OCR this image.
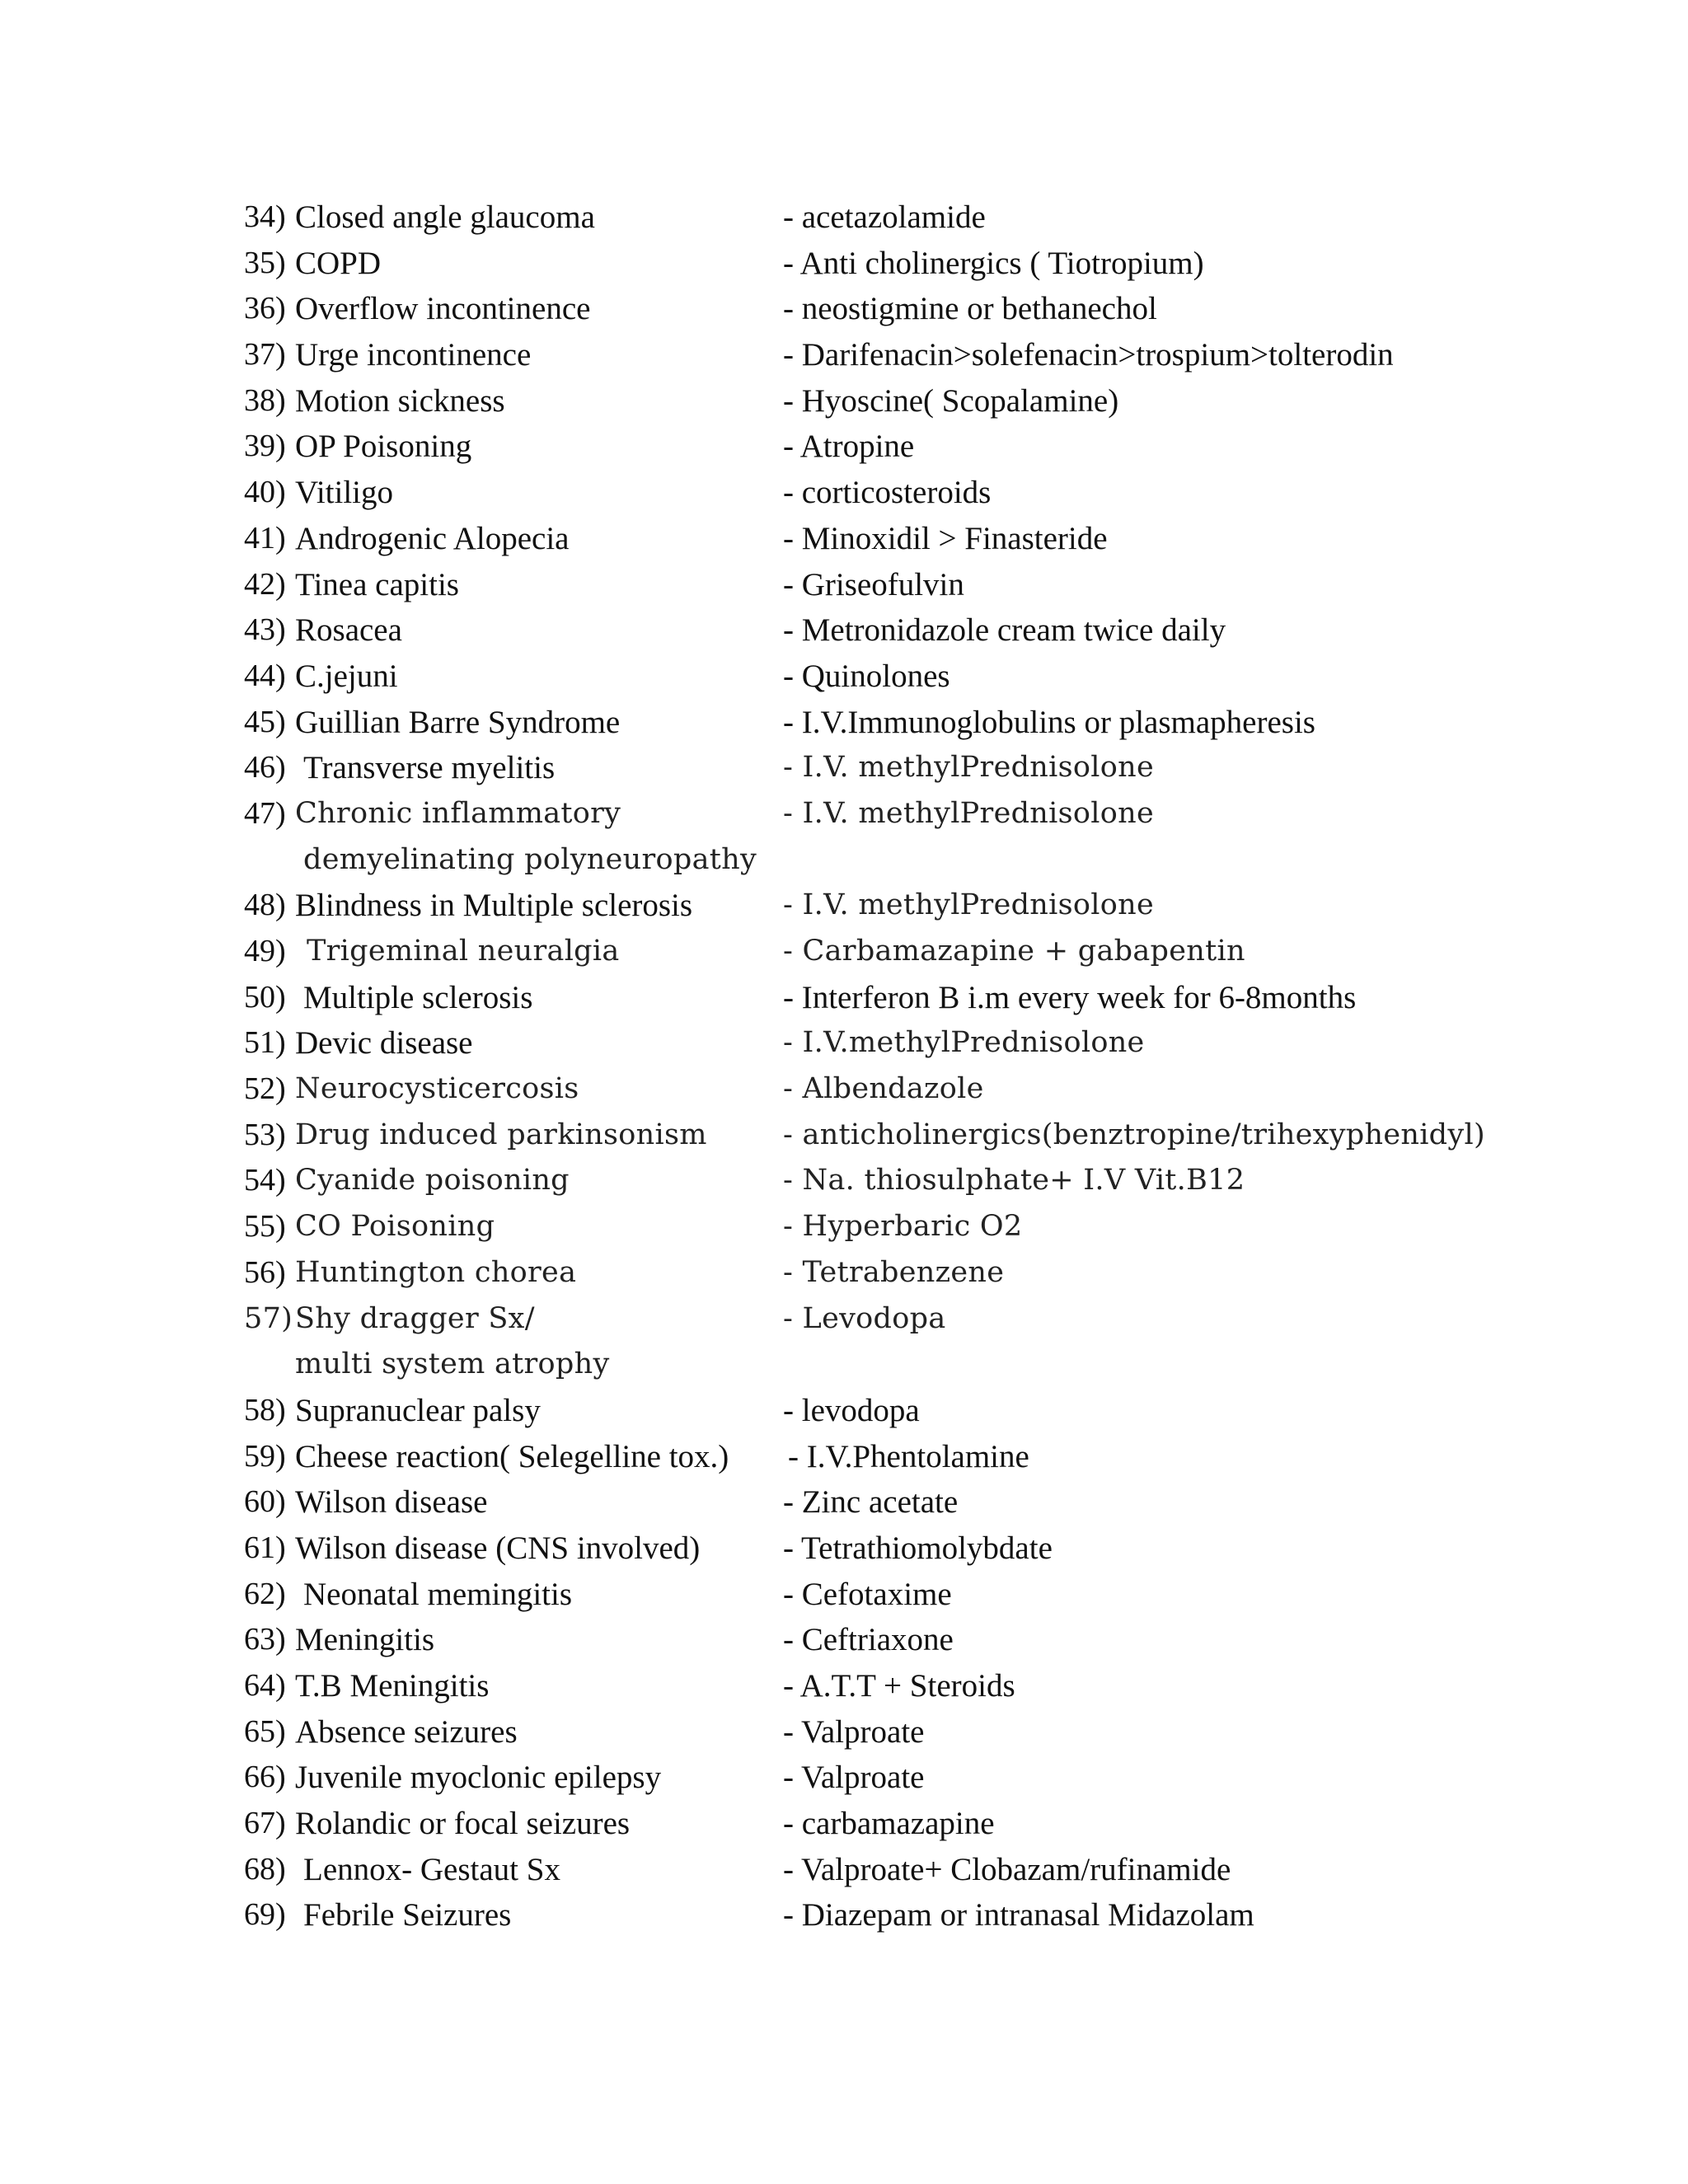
34) Closed angle glaucoma	- acetazolamide
35) COPD	- Anti cholinergics ( Tiotropium)
36) Overflow incontinence	- neostigmine or bethanechol
37) Urge incontinence	- Darifenacin>solefenacin>trospium>tolterodin
38) Motion sickness	- Hyoscine( Scopalamine)
39) OP Poisoning	- Atropine
40) Vitiligo	- corticosteroids
41) Androgenic Alopecia	- Minoxidil > Finasteride
42) Tinea capitis	- Griseofulvin
43) Rosacea	- Metronidazole cream twice daily
44) C.jejuni	- Quinolones
45) Guillian Barre Syndrome	- I.V.Immunoglobulins or plasmapheresis
46) Transverse myelitis	- I.V. methylPrednisolone
47) Chronic inflammatory
demyelinating polyneuropathy
- I.V. methylPrednisolone
48) Blindness in Multiple sclerosis	- I.V. methylPrednisolone
49) Trigeminal neuralgia	- Carbamazapine + gabapentin
50) Multiple sclerosis	- Interferon B i.m every week for 6-8months
51) Devic disease	- I.V.methylPrednisolone
52) Neurocysticercosis	- Albendazole
53) Drug induced parkinsonism	- anticholinergics(benztropine/trihexyphenidyl)
54) Cyanide poisoning	- Na. thiosulphate+ I.V Vit.B12
55) CO Poisoning	- Hyperbaric O2
56) Huntington chorea	- Tetrabenzene
57) Shy dragger Sx/
multi system atrophy
- Levodopa
58) Supranuclear palsy	- levodopa
59) Cheese reaction( Selegelline tox.) - I.V.Phentolamine
60) Wilson disease	- Zinc acetate
61) Wilson disease (CNS involved)	- Tetrathiomolybdate
62) Neonatal memingitis	- Cefotaxime
63) Meningitis	- Ceftriaxone
64) T.B Meningitis	- A.T.T + Steroids
65) Absence seizures	- Valproate
66) Juvenile myoclonic epilepsy	- Valproate
67) Rolandic or focal seizures	- carbamazapine
68) Lennox- Gestaut Sx	- Valproate+ Clobazam/rufinamide
69) Febrile Seizures	- Diazepam or intranasal Midazolam
